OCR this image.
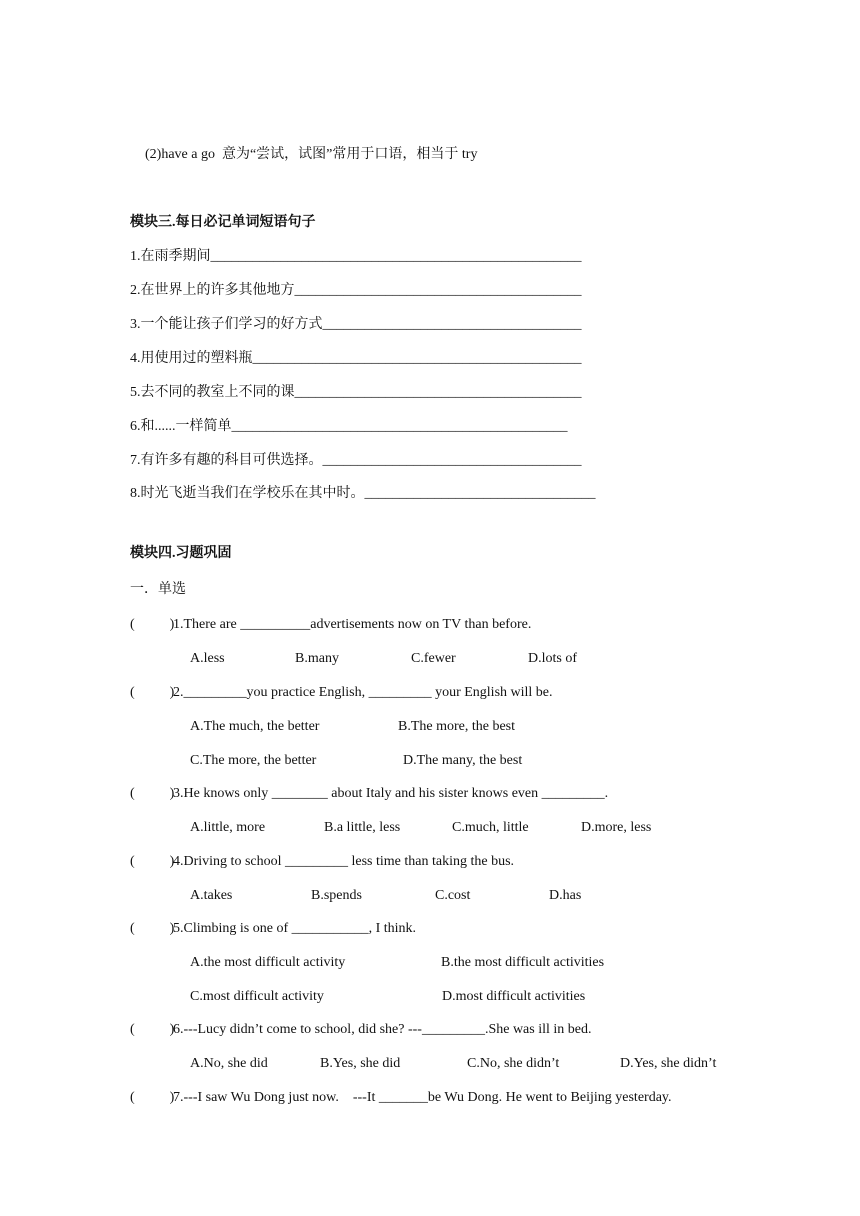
(2)have a go  意为“尝试，试图”常用于口语，相当于 try
模块三.每日必记单词短语句子
1.在雨季期间_____________________________________________________
2.在世界上的许多其他地方_________________________________________
3.一个能让孩子们学习的好方式_____________________________________
4.用使用过的塑料瓶_______________________________________________
5.去不同的教室上不同的课_________________________________________
6.和......一样简单________________________________________________
7.有许多有趣的科目可供选择。_____________________________________
8.时光飞逝当我们在学校乐在其中时。_________________________________
模块四.习题巩固
一．单选
(          )
1.There are __________advertisements now on TV than before.
A.less	B.many	C.fewer	D.lots of
(          )
2._________you practice English, _________ your English will be.
A.The much, the better	B.The more, the best
C.The more, the better	D.The many, the best
(          )
3.He knows only ________ about Italy and his sister knows even _________.
A.little, more	B.a little, less	C.much, little	D.more, less
(          )
4.Driving to school _________ less time than taking the bus.
A.takes	B.spends	C.cost	D.has
(          )
5.Climbing is one of ___________, I think.
A.the most difficult activity	B.the most difficult activities
C.most difficult activity	D.most difficult activities
(          )
6.---Lucy didn’t come to school, did she? ---_________.She was ill in bed.
A.No, she did	B.Yes, she did	C.No, she didn’t	D.Yes, she didn’t
(          )
7.---I saw Wu Dong just now.    ---It _______be Wu Dong. He went to Beijing yesterday.
